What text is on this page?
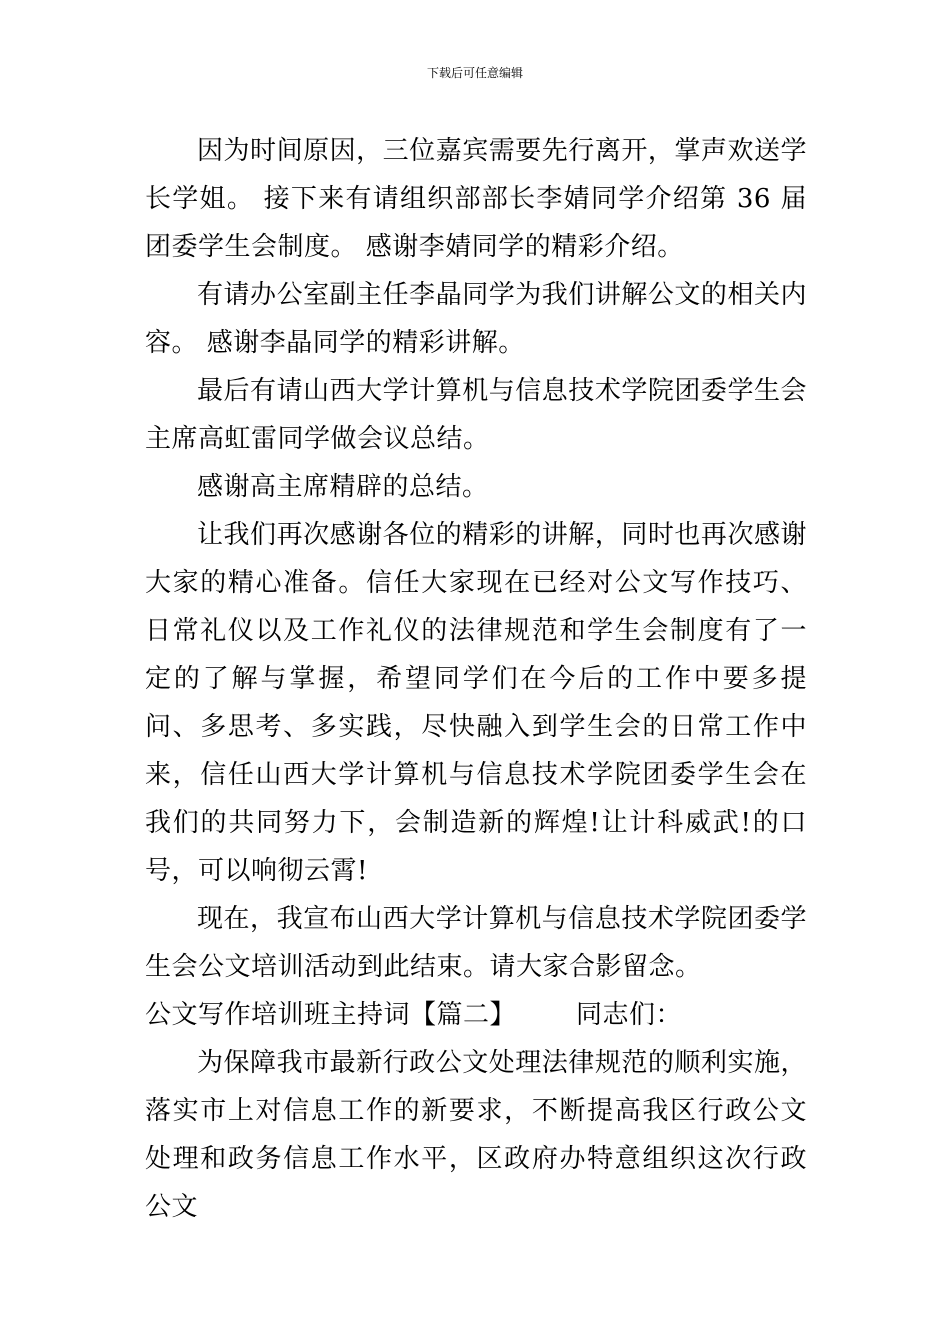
下载后可任意编辑

因为时间原因，三位嘉宾需要先行离开，掌声欢送学长学姐。 接下来有请组织部部长李婧同学介绍第 36 届团委学生会制度。 感谢李婧同学的精彩介绍。

有请办公室副主任李晶同学为我们讲解公文的相关内容。 感谢李晶同学的精彩讲解。

最后有请山西大学计算机与信息技术学院团委学生会主席高虹雷同学做会议总结。

感谢高主席精辟的总结。

让我们再次感谢各位的精彩的讲解，同时也再次感谢大家的精心准备。信任大家现在已经对公文写作技巧、日常礼仪以及工作礼仪的法律规范和学生会制度有了一定的了解与掌握，希望同学们在今后的工作中要多提问、多思考、多实践，尽快融入到学生会的日常工作中来，信任山西大学计算机与信息技术学院团委学生会在我们的共同努力下，会制造新的辉煌!让计科威武!的口号，可以响彻云霄!

现在，我宣布山西大学计算机与信息技术学院团委学生会公文培训活动到此结束。请大家合影留念。

公文写作培训班主持词【篇二】 同志们：

为保障我市最新行政公文处理法律规范的顺利实施，落实市上对信息工作的新要求，不断提高我区行政公文处理和政务信息工作水平，区政府办特意组织这次行政公文
